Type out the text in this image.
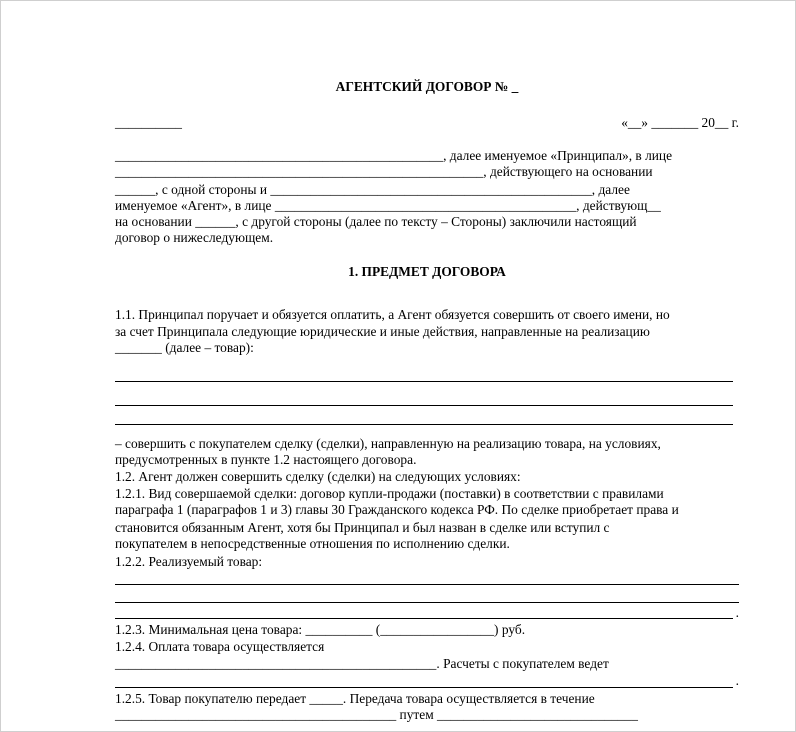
АГЕНТСКИЙ ДОГОВОР № _
__________	«__» _______ 20__ г.
_________________________________________________, далее именуемое «Принципал», в лице
_______________________________________________________, действующего на основании
______, с одной стороны и ________________________________________________, далее
именуемое «Агент», в лице _____________________________________________, действующ__
на основании ______, с другой стороны (далее по тексту – Стороны) заключили настоящий
договор о нижеследующем.
1. ПРЕДМЕТ ДОГОВОРА
1.1. Принципал поручает и обязуется оплатить, а Агент обязуется совершить от своего имени, но
за счет Принципала следующие юридические и иные действия, направленные на реализацию
_______ (далее – товар):
– совершить с покупателем сделку (сделки), направленную на реализацию товара, на условиях,
предусмотренных в пункте 1.2 настоящего договора.
1.2. Агент должен совершить сделку (сделки) на следующих условиях:
1.2.1. Вид совершаемой сделки: договор купли-продажи (поставки) в соответствии с правилами
параграфа 1 (параграфов 1 и 3) главы 30 Гражданского кодекса РФ. По сделке приобретает права и
становится обязанным Агент, хотя бы Принципал и был назван в сделке или вступил с
покупателем в непосредственные отношения по исполнению сделки.
1.2.2. Реализуемый товар:
.
1.2.3. Минимальная цена товара: __________ (_________________) руб.
1.2.4. Оплата товара осуществляется
________________________________________________. Расчеты с покупателем ведет
.
1.2.5. Товар покупателю передает _____. Передача товара осуществляется в течение
__________________________________________ путем ______________________________
